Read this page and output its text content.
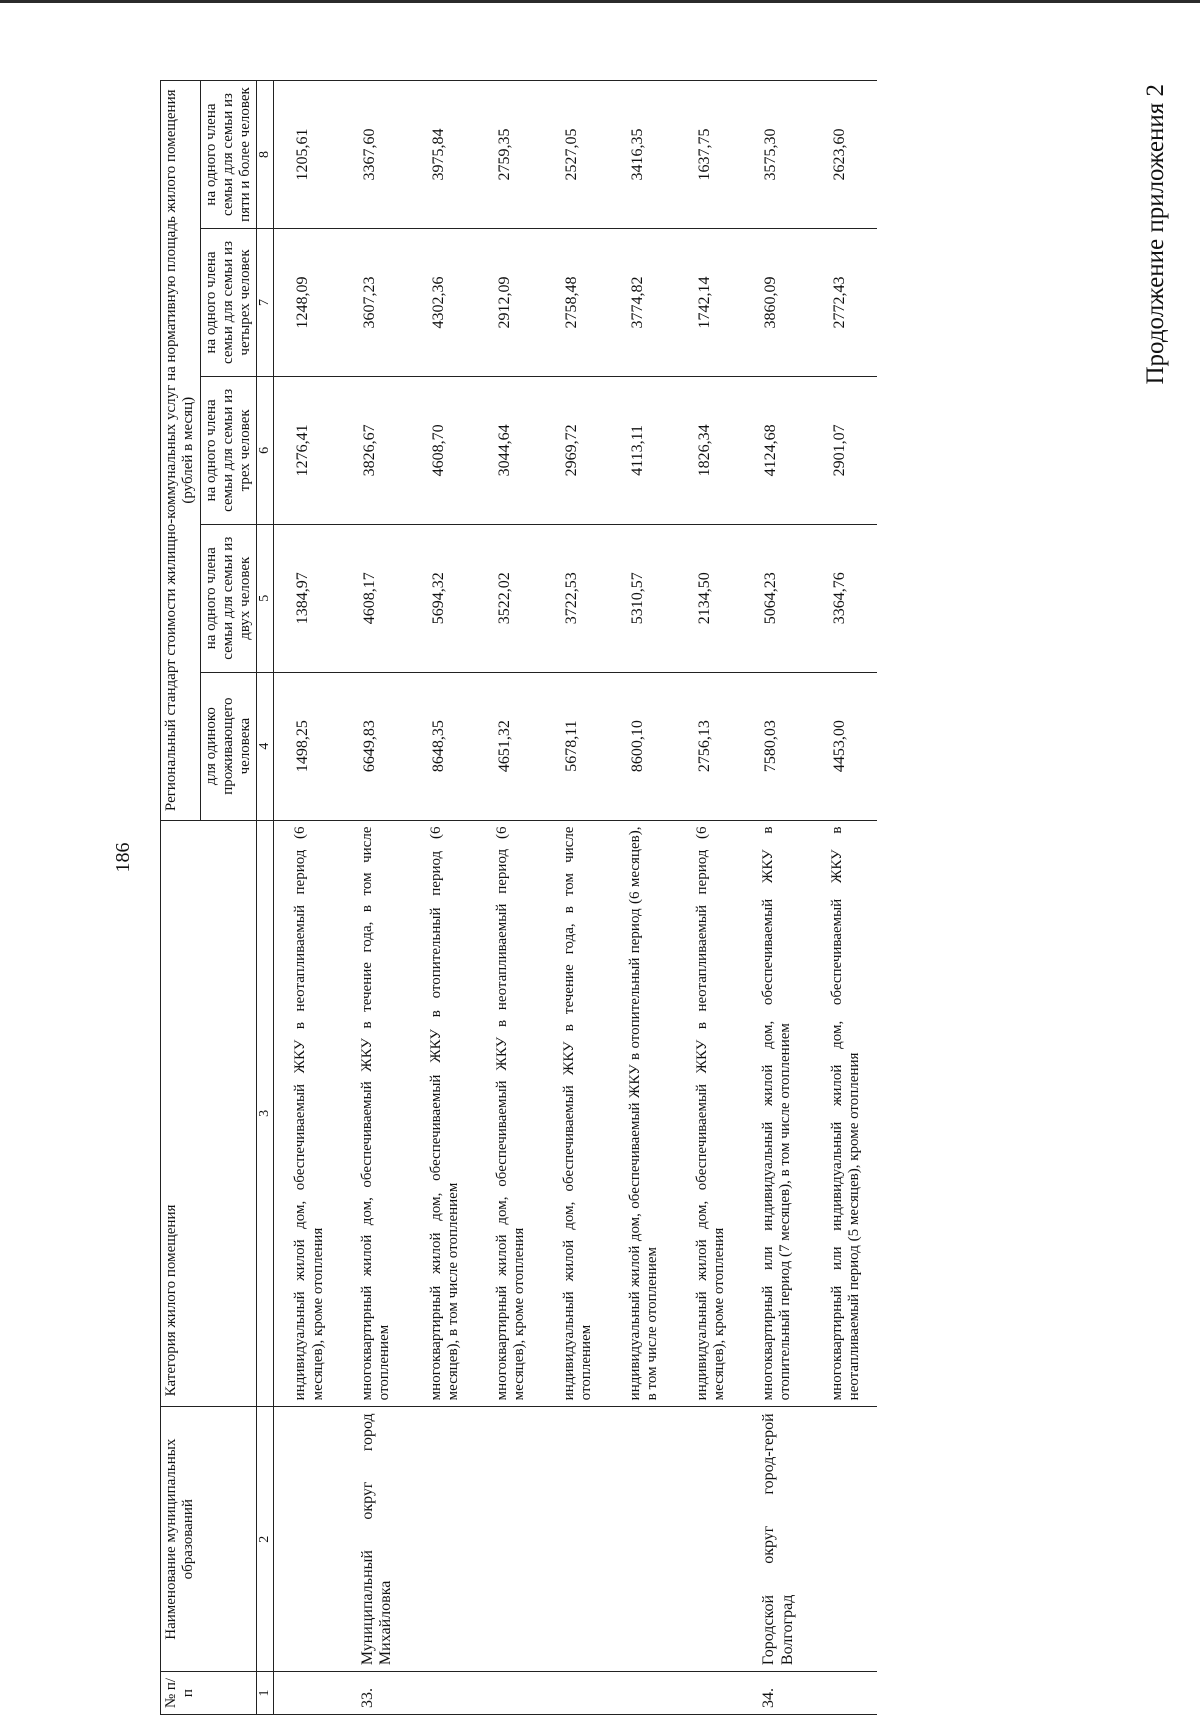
186
Продолжение приложения 2
№ п/п	Наименование муниципальных образований	Категория жилого помещения	Региональный стандарт стоимости жилищно-коммунальных услуг на нормативную площадь жилого помещения (рублей в месяц)				
			для одиноко проживающего человека	на одного члена семьи для семьи из двух человек	на одного члена семьи для семьи из трех человек	на одного члена семьи для семьи из четырех человек	на одного члена семьи для семьи из пяти и более человек
1	2	3	4	5	6	7	8
		индивидуальный жилой дом, обеспечиваемый ЖКУ в неотапливаемый период (6 месяцев), кроме отопления	1498,25	1384,97	1276,41	1248,09	1205,61
33.	Муниципальный округ город Михайловка	многоквартирный жилой дом, обеспечиваемый ЖКУ в течение года, в том числе отоплением	6649,83	4608,17	3826,67	3607,23	3367,60
		многоквартирный жилой дом, обеспечиваемый ЖКУ в отопительный период (6 месяцев), в том числе отоплением	8648,35	5694,32	4608,70	4302,36	3975,84
		многоквартирный жилой дом, обеспечиваемый ЖКУ в неотапливаемый период (6 месяцев), кроме отопления	4651,32	3522,02	3044,64	2912,09	2759,35
		индивидуальный жилой дом, обеспечиваемый ЖКУ в течение года, в том числе отоплением	5678,11	3722,53	2969,72	2758,48	2527,05
		индивидуальный жилой дом, обеспечиваемый ЖКУ в отопительный период (6 месяцев), в том числе отоплением	8600,10	5310,57	4113,11	3774,82	3416,35
		индивидуальный жилой дом, обеспечиваемый ЖКУ в неотапливаемый период (6 месяцев), кроме отопления	2756,13	2134,50	1826,34	1742,14	1637,75
34.	Городской округ город-герой Волгоград	многоквартирный или индивидуальный жилой дом, обеспечиваемый ЖКУ в отопительный период (7 месяцев), в том числе отоплением	7580,03	5064,23	4124,68	3860,09	3575,30
		многоквартирный или индивидуальный жилой дом, обеспечиваемый ЖКУ в неотапливаемый период (5 месяцев), кроме отопления	4453,00	3364,76	2901,07	2772,43	2623,60
